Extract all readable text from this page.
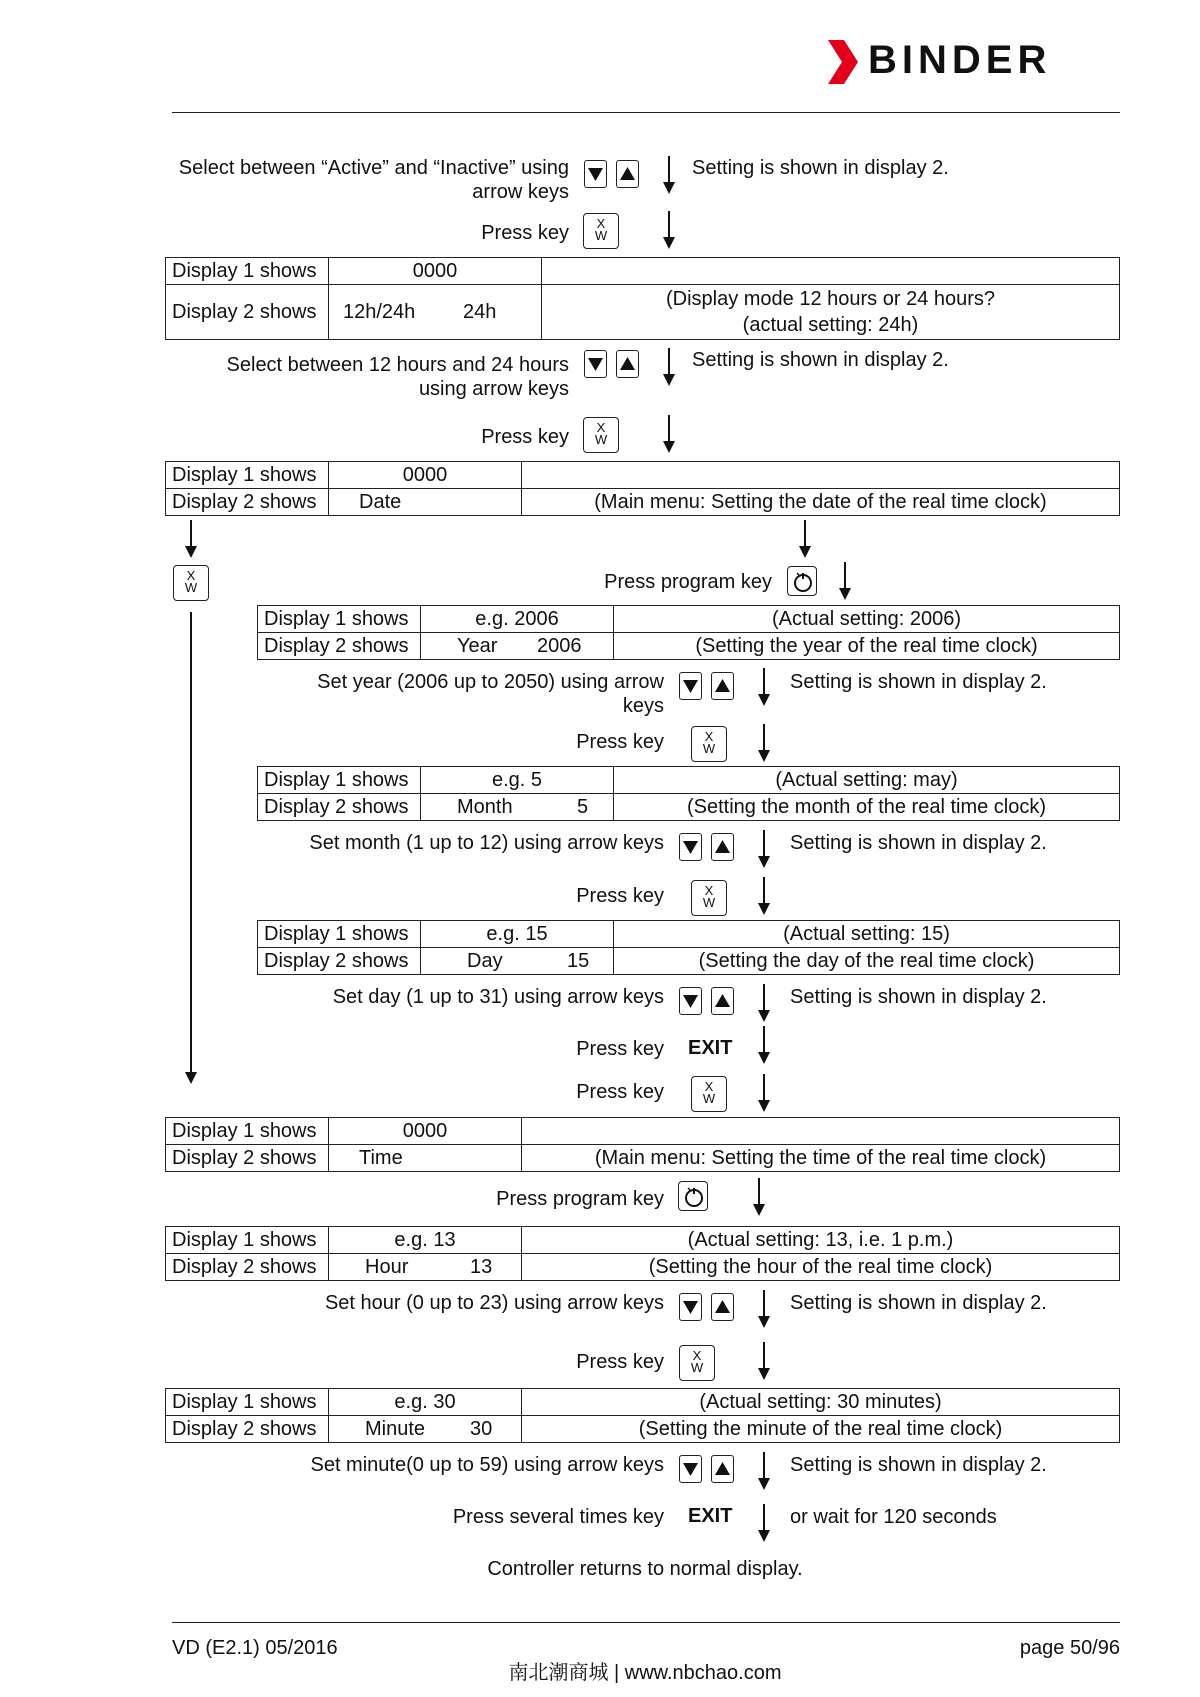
BINDER
Select between “Active” and “Inactive” using
arrow keys
Setting is shown in display 2.
Press key	X
W
Display 1 shows	0000	
Display 2 shows	12h/24h 24h	(Display mode 12 hours or 24 hours?
(actual setting: 24h)
Select between 12 hours and 24 hours
using arrow keys
Setting is shown in display 2.
Press key	X
W
Display 1 shows	0000	
Display 2 shows	Date	(Main menu: Setting the date of the real time clock)
X
W	Press program key
Display 1 shows	e.g. 2006	(Actual setting: 2006)
Display 2 shows	Year 2006	(Setting the year of the real time clock)
Set year (2006 up to 2050) using arrow
keys
Setting is shown in display 2.
Press key	X
W
Display 1 shows	e.g. 5	(Actual setting: may)
Display 2 shows	Month 5	(Setting the month of the real time clock)
Set month (1 up to 12) using arrow keys	Setting is shown in display 2.
Press key	X
W
Display 1 shows	e.g. 15	(Actual setting: 15)
Display 2 shows	Day 15	(Setting the day of the real time clock)
Set day (1 up to 31) using arrow keys	Setting is shown in display 2.
Press key EXIT
Press key	X
W
Display 1 shows	0000	
Display 2 shows	Time	(Main menu: Setting the time of the real time clock)
Press program key
Display 1 shows	e.g. 13	(Actual setting: 13, i.e. 1 p.m.)
Display 2 shows	Hour 13	(Setting the hour of the real time clock)
Set hour (0 up to 23) using arrow keys	Setting is shown in display 2.
Press key	X
W
Display 1 shows	e.g. 30	(Actual setting: 30 minutes)
Display 2 shows	Minute 30	(Setting the minute of the real time clock)
Set minute(0 up to 59) using arrow keys	Setting is shown in display 2.
Press several times key EXIT	or wait for 120 seconds
Controller returns to normal display.
VD (E2.1) 05/2016	page 50/96
南北潮商城 | www.nbchao.com
